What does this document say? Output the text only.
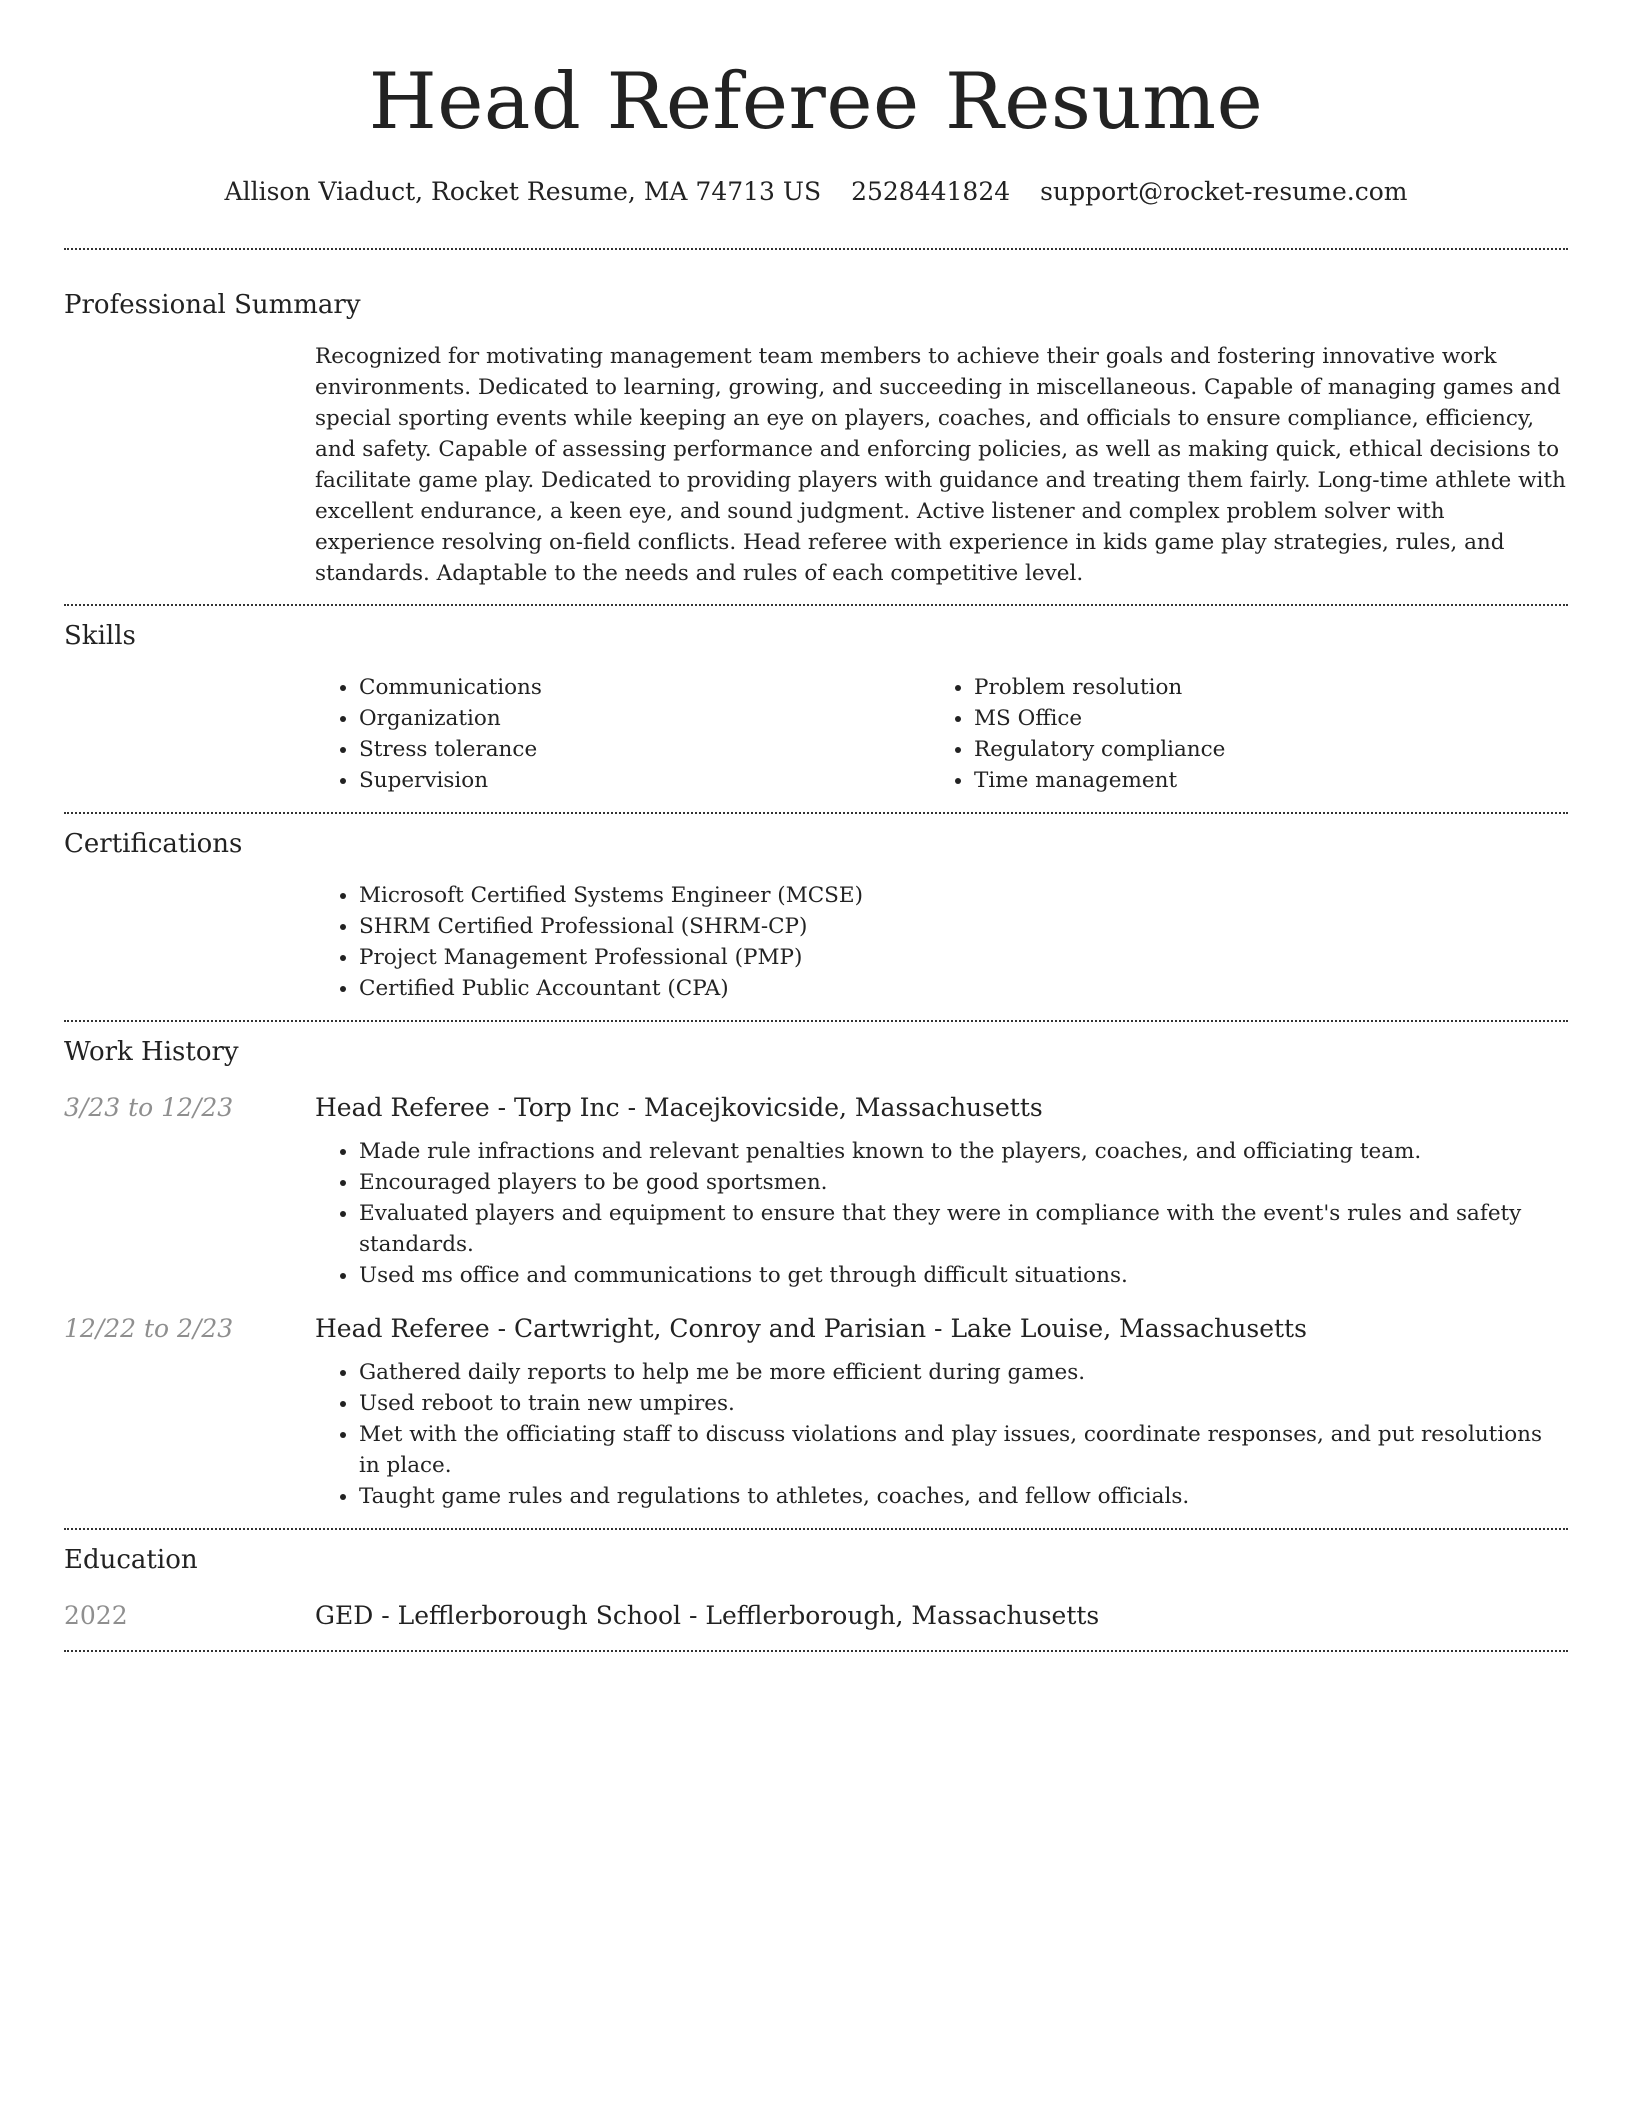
Head Referee Resume
Allison Viaduct, Rocket Resume, MA 74713 US 2528441824 support@rocket-resume.com
Professional Summary

Recognized for motivating management team members to achieve their goals and fostering innovative work environments. Dedicated to learning, growing, and succeeding in miscellaneous. Capable of managing games and special sporting events while keeping an eye on players, coaches, and officials to ensure compliance, efficiency, and safety. Capable of assessing performance and enforcing policies, as well as making quick, ethical decisions to facilitate game play. Dedicated to providing players with guidance and treating them fairly. Long-time athlete with excellent endurance, a keen eye, and sound judgment. Active listener and complex problem solver with experience resolving on-field conflicts. Head referee with experience in kids game play strategies, rules, and standards. Adaptable to the needs and rules of each competitive level.

Skills
• Communications
• Organization
• Stress tolerance
• Supervision
• Problem resolution
• MS Office
• Regulatory compliance
• Time management
Certifications
• Microsoft Certified Systems Engineer (MCSE)
• SHRM Certified Professional (SHRM-CP)
• Project Management Professional (PMP)
• Certified Public Accountant (CPA)
Work History
3/23 to 12/23	Head Referee - Torp Inc - Macejkovicside, Massachusetts
• Made rule infractions and relevant penalties known to the players, coaches, and officiating team.
• Encouraged players to be good sportsmen.
• Evaluated players and equipment to ensure that they were in compliance with the event's rules and safety standards.
• Used ms office and communications to get through difficult situations.
12/22 to 2/23	Head Referee - Cartwright, Conroy and Parisian - Lake Louise, Massachusetts
• Gathered daily reports to help me be more efficient during games.
• Used reboot to train new umpires.
• Met with the officiating staff to discuss violations and play issues, coordinate responses, and put resolutions in place.
• Taught game rules and regulations to athletes, coaches, and fellow officials.
Education
2022	GED - Lefflerborough School - Lefflerborough, Massachusetts
